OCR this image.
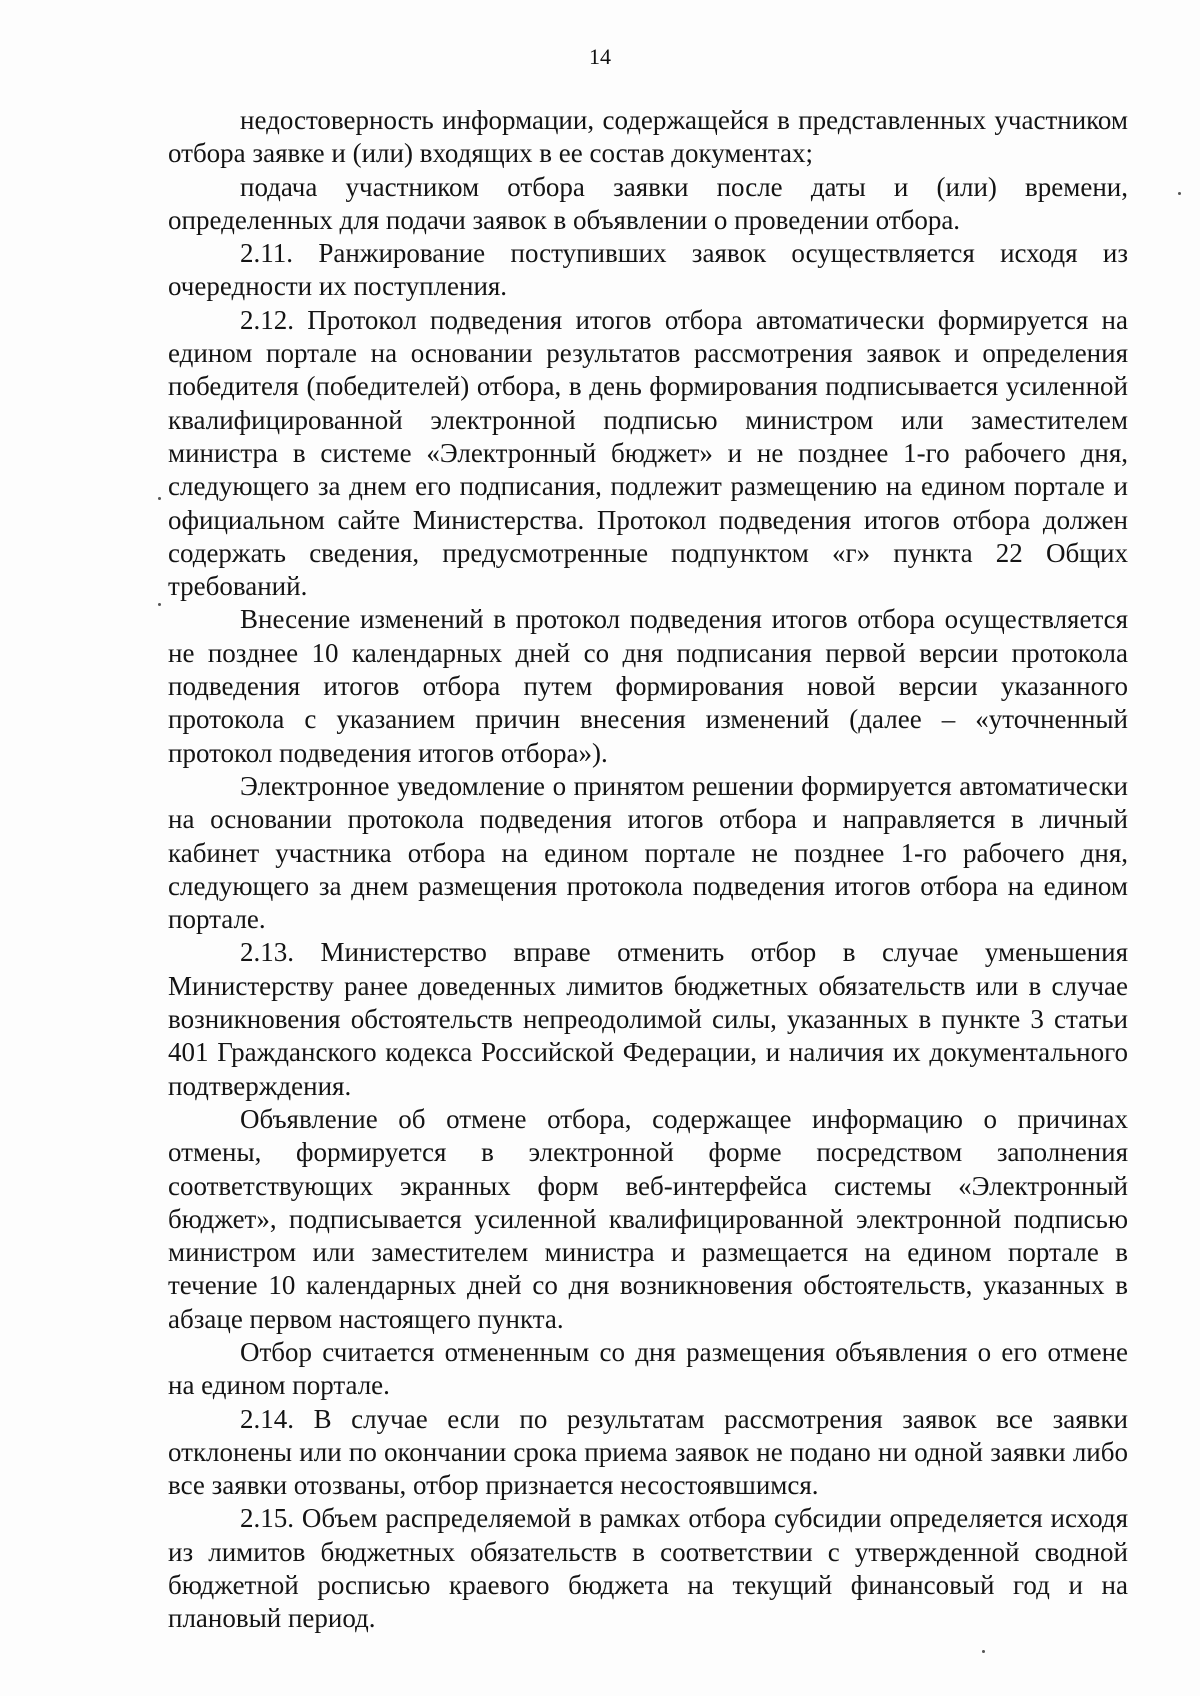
14

недостоверность информации, содержащейся в представленных участником отбора заявке и (или) входящих в ее состав документах;

подача участником отбора заявки после даты и (или) времени, определенных для подачи заявок в объявлении о проведении отбора.

2.11. Ранжирование поступивших заявок осуществляется исходя из очередности их поступления.

2.12. Протокол подведения итогов отбора автоматически формируется на едином портале на основании результатов рассмотрения заявок и определения победителя (победителей) отбора, в день формирования подписывается усиленной квалифицированной электронной подписью министром или заместителем министра в системе «Электронный бюджет» и не позднее 1-го рабочего дня, следующего за днем его подписания, подлежит размещению на едином портале и официальном сайте Министерства. Протокол подведения итогов отбора должен содержать сведения, предусмотренные подпунктом «г» пункта 22 Общих требований.

Внесение изменений в протокол подведения итогов отбора осуществляется не позднее 10 календарных дней со дня подписания первой версии протокола подведения итогов отбора путем формирования новой версии указанного протокола с указанием причин внесения изменений (далее – «уточненный протокол подведения итогов отбора»).

Электронное уведомление о принятом решении формируется автоматически на основании протокола подведения итогов отбора и направляется в личный кабинет участника отбора на едином портале не позднее 1-го рабочего дня, следующего за днем размещения протокола подведения итогов отбора на едином портале.

2.13. Министерство вправе отменить отбор в случае уменьшения Министерству ранее доведенных лимитов бюджетных обязательств или в случае возникновения обстоятельств непреодолимой силы, указанных в пункте 3 статьи 401 Гражданского кодекса Российской Федерации, и наличия их документального подтверждения.

Объявление об отмене отбора, содержащее информацию о причинах отмены, формируется в электронной форме посредством заполнения соответствующих экранных форм веб-интерфейса системы «Электронный бюджет», подписывается усиленной квалифицированной электронной подписью министром или заместителем министра и размещается на едином портале в течение 10 календарных дней со дня возникновения обстоятельств, указанных в абзаце первом настоящего пункта.

Отбор считается отмененным со дня размещения объявления о его отмене на едином портале.

2.14. В случае если по результатам рассмотрения заявок все заявки отклонены или по окончании срока приема заявок не подано ни одной заявки либо все заявки отозваны, отбор признается несостоявшимся.

2.15. Объем распределяемой в рамках отбора субсидии определяется исходя из лимитов бюджетных обязательств в соответствии с утвержденной сводной бюджетной росписью краевого бюджета на текущий финансовый год и на плановый период.
